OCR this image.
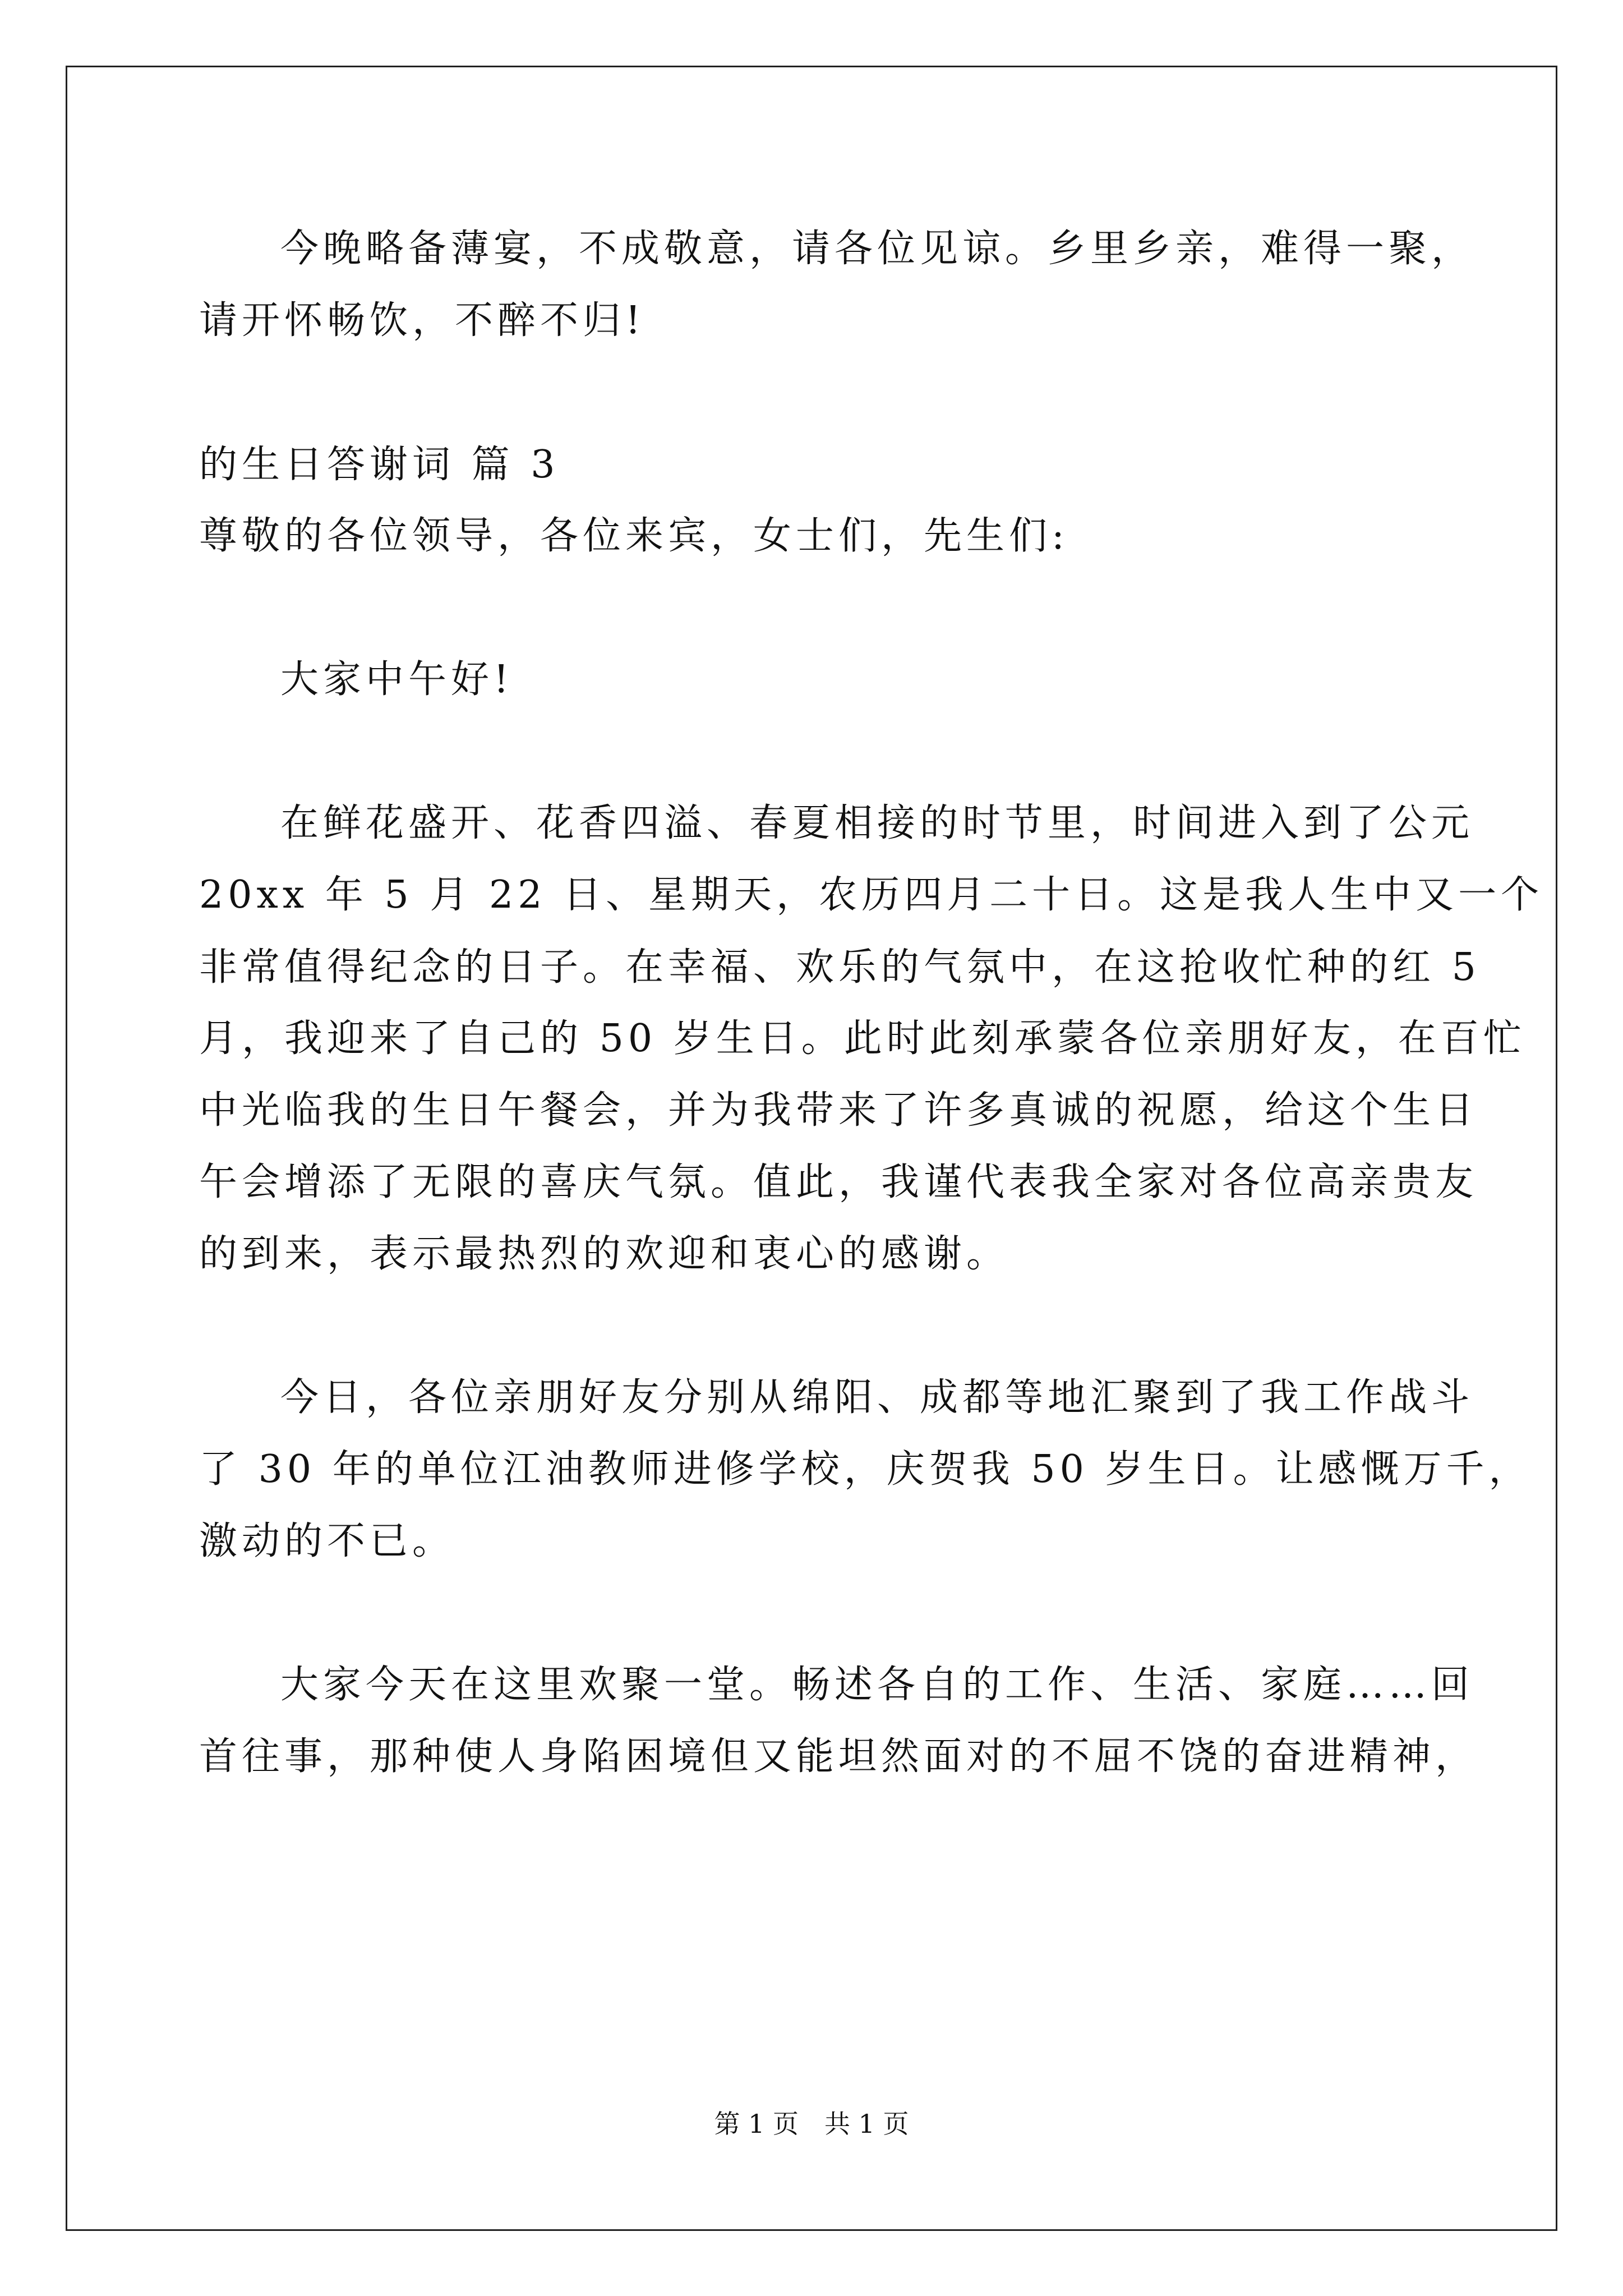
今晚略备薄宴，不成敬意，请各位见谅。乡里乡亲，难得一聚，
请开怀畅饮，不醉不归!
的生日答谢词 篇 3
尊敬的各位领导，各位来宾，女士们，先生们:
大家中午好!
在鲜花盛开、花香四溢、春夏相接的时节里，时间进入到了公元
20xx 年 5 月 22 日、星期天，农历四月二十日。这是我人生中又一个
非常值得纪念的日子。在幸福、欢乐的气氛中，在这抢收忙种的红 5
月，我迎来了自己的 50 岁生日。此时此刻承蒙各位亲朋好友，在百忙
中光临我的生日午餐会，并为我带来了许多真诚的祝愿，给这个生日
午会增添了无限的喜庆气氛。值此，我谨代表我全家对各位高亲贵友
的到来，表示最热烈的欢迎和衷心的感谢。
今日，各位亲朋好友分别从绵阳、成都等地汇聚到了我工作战斗
了 30 年的单位江油教师进修学校，庆贺我 50 岁生日。让感慨万千，
激动的不已。
大家今天在这里欢聚一堂。畅述各自的工作、生活、家庭……回
首往事，那种使人身陷困境但又能坦然面对的不屈不饶的奋进精神，
第 1 页　共 1 页
